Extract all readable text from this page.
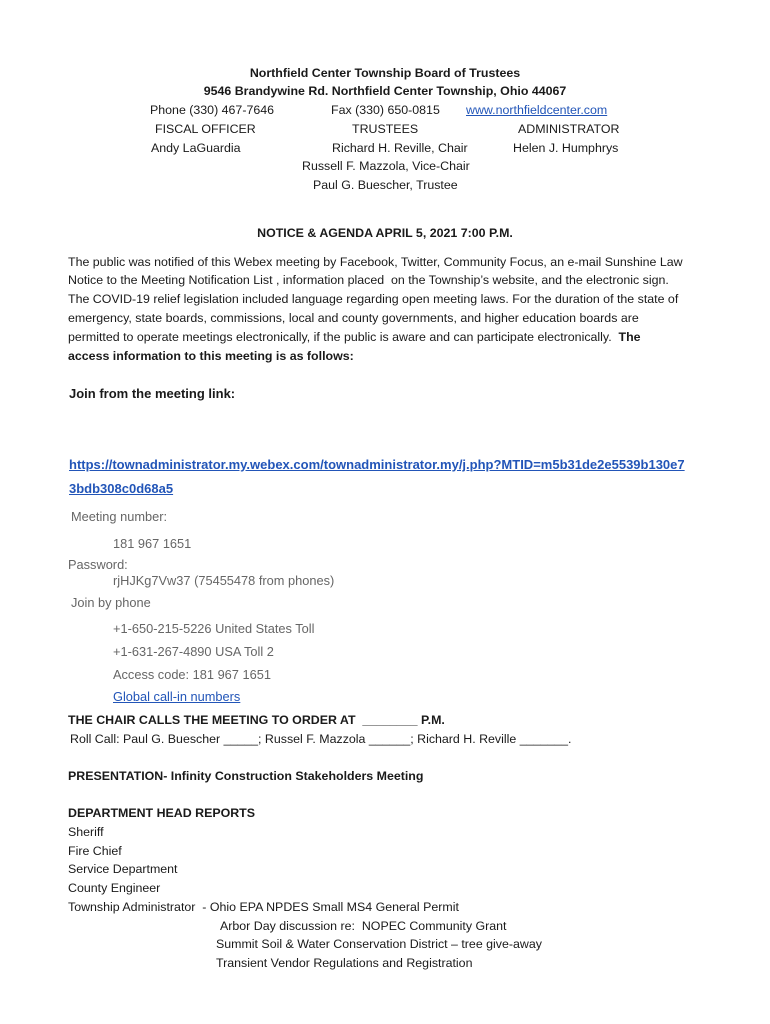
Northfield Center Township Board of Trustees
9546 Brandywine Rd. Northfield Center Township, Ohio 44067
Phone (330) 467-7646	Fax (330) 650-0815 www.northfieldcenter.com
FISCAL OFFICER	TRUSTEES	ADMINISTRATOR
Andy LaGuardia	Richard H. Reville, Chair	Helen J. Humphrys
Russell F. Mazzola, Vice-Chair
Paul G. Buescher, Trustee
NOTICE & AGENDA APRIL 5, 2021 7:00 P.M.
The public was notified of this Webex meeting by Facebook, Twitter, Community Focus, an e-mail Sunshine Law
Notice to the Meeting Notification List , information placed  on the Township’s website, and the electronic sign.
The COVID-19 relief legislation included language regarding open meeting laws. For the duration of the state of
emergency, state boards, commissions, local and county governments, and higher education boards are
permitted to operate meetings electronically, if the public is aware and can participate electronically.  The
access information to this meeting is as follows:
Join from the meeting link:
https://townadministrator.my.webex.com/townadministrator.my/j.php?MTID=m5b31de2e5539b130e7
3bdb308c0d68a5
Meeting number:
181 967 1651
Password:
rjHJKg7Vw37 (75455478 from phones)
Join by phone
+1-650-215-5226 United States Toll
+1-631-267-4890 USA Toll 2
Access code: 181 967 1651
Global call-in numbers
THE CHAIR CALLS THE MEETING TO ORDER AT  ________ P.M.
Roll Call: Paul G. Buescher _____; Russel F. Mazzola ______; Richard H. Reville _______.
PRESENTATION- Infinity Construction Stakeholders Meeting
DEPARTMENT HEAD REPORTS
Sheriff
Fire Chief
Service Department
County Engineer
Township Administrator  - Ohio EPA NPDES Small MS4 General Permit
Arbor Day discussion re:  NOPEC Community Grant
Summit Soil & Water Conservation District – tree give-away
Transient Vendor Regulations and Registration
